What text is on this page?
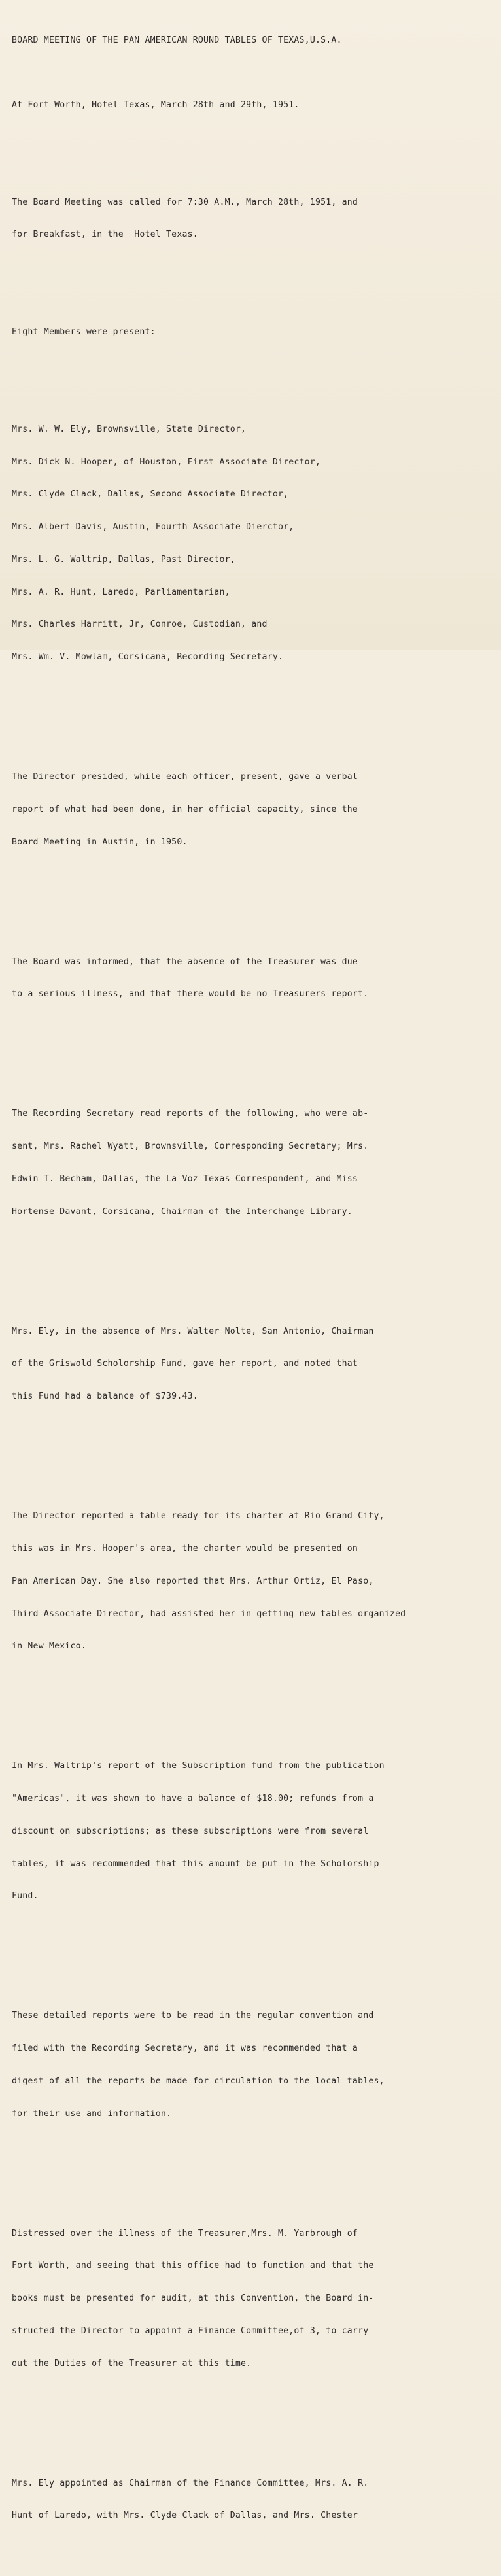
BOARD MEETING OF THE PAN AMERICAN ROUND TABLES OF TEXAS,U.S.A.

At Fort Worth, Hotel Texas, March 28th and 29th, 1951.

The Board Meeting was called for 7:30 A.M., March 28th, 1951, and

for Breakfast, in the  Hotel Texas.

Eight Members were present:

Mrs. W. W. Ely, Brownsville, State Director,

Mrs. Dick N. Hooper, of Houston, First Associate Director,

Mrs. Clyde Clack, Dallas, Second Associate Director,

Mrs. Albert Davis, Austin, Fourth Associate Dierctor,

Mrs. L. G. Waltrip, Dallas, Past Director,

Mrs. A. R. Hunt, Laredo, Parliamentarian,

Mrs. Charles Harritt, Jr, Conroe, Custodian, and

Mrs. Wm. V. Mowlam, Corsicana, Recording Secretary.

The Director presided, while each officer, present, gave a verbal

report of what had been done, in her official capacity, since the

Board Meeting in Austin, in 1950.

The Board was informed, that the absence of the Treasurer was due

to a serious illness, and that there would be no Treasurers report.

The Recording Secretary read reports of the following, who were ab-

sent, Mrs. Rachel Wyatt, Brownsville, Corresponding Secretary; Mrs.

Edwin T. Becham, Dallas, the La Voz Texas Correspondent, and Miss

Hortense Davant, Corsicana, Chairman of the Interchange Library.

Mrs. Ely, in the absence of Mrs. Walter Nolte, San Antonio, Chairman

of the Griswold Scholorship Fund, gave her report, and noted that

this Fund had a balance of $739.43.

The Director reported a table ready for its charter at Rio Grand City,

this was in Mrs. Hooper's area, the charter would be presented on

Pan American Day. She also reported that Mrs. Arthur Ortiz, El Paso,

Third Associate Director, had assisted her in getting new tables organized

in New Mexico.

In Mrs. Waltrip's report of the Subscription fund from the publication

"Americas", it was shown to have a balance of $18.00; refunds from a

discount on subscriptions; as these subscriptions were from several

tables, it was recommended that this amount be put in the Scholorship

Fund.

These detailed reports were to be read in the regular convention and

filed with the Recording Secretary, and it was recommended that a

digest of all the reports be made for circulation to the local tables,

for their use and information.

Distressed over the illness of the Treasurer,Mrs. M. Yarbrough of

Fort Worth, and seeing that this office had to function and that the

books must be presented for audit, at this Convention, the Board in-

structed the Director to appoint a Finance Committee,of 3, to carry

out the Duties of the Treasurer at this time.

Mrs. Ely appointed as Chairman of the Finance Committee, Mrs. A. R.

Hunt of Laredo, with Mrs. Clyde Clack of Dallas, and Mrs. Chester
